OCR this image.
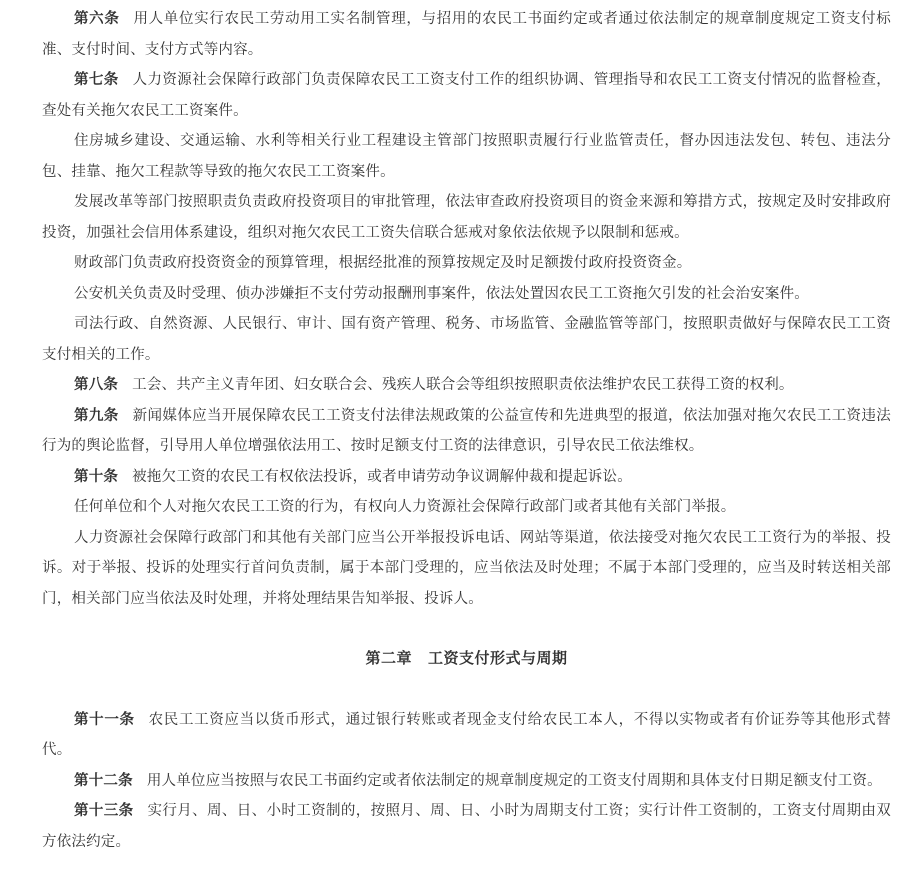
第六条 用人单位实行农民工劳动用工实名制管理，与招用的农民工书面约定或者通过依法制定的规章制度规定工资支付标准、支付时间、支付方式等内容。

第七条 人力资源社会保障行政部门负责保障农民工工资支付工作的组织协调、管理指导和农民工工资支付情况的监督检查，查处有关拖欠农民工工资案件。

住房城乡建设、交通运输、水利等相关行业工程建设主管部门按照职责履行行业监管责任，督办因违法发包、转包、违法分包、挂靠、拖欠工程款等导致的拖欠农民工工资案件。

发展改革等部门按照职责负责政府投资项目的审批管理，依法审查政府投资项目的资金来源和筹措方式，按规定及时安排政府投资，加强社会信用体系建设，组织对拖欠农民工工资失信联合惩戒对象依法依规予以限制和惩戒。

财政部门负责政府投资资金的预算管理，根据经批准的预算按规定及时足额拨付政府投资资金。

公安机关负责及时受理、侦办涉嫌拒不支付劳动报酬刑事案件，依法处置因农民工工资拖欠引发的社会治安案件。

司法行政、自然资源、人民银行、审计、国有资产管理、税务、市场监管、金融监管等部门，按照职责做好与保障农民工工资支付相关的工作。

第八条 工会、共产主义青年团、妇女联合会、残疾人联合会等组织按照职责依法维护农民工获得工资的权利。

第九条 新闻媒体应当开展保障农民工工资支付法律法规政策的公益宣传和先进典型的报道，依法加强对拖欠农民工工资违法行为的舆论监督，引导用人单位增强依法用工、按时足额支付工资的法律意识，引导农民工依法维权。

第十条 被拖欠工资的农民工有权依法投诉，或者申请劳动争议调解仲裁和提起诉讼。

任何单位和个人对拖欠农民工工资的行为，有权向人力资源社会保障行政部门或者其他有关部门举报。

人力资源社会保障行政部门和其他有关部门应当公开举报投诉电话、网站等渠道，依法接受对拖欠农民工工资行为的举报、投诉。对于举报、投诉的处理实行首问负责制，属于本部门受理的，应当依法及时处理；不属于本部门受理的，应当及时转送相关部门，相关部门应当依法及时处理，并将处理结果告知举报、投诉人。

第二章 工资支付形式与周期

第十一条 农民工工资应当以货币形式，通过银行转账或者现金支付给农民工本人，不得以实物或者有价证券等其他形式替代。

第十二条 用人单位应当按照与农民工书面约定或者依法制定的规章制度规定的工资支付周期和具体支付日期足额支付工资。

第十三条 实行月、周、日、小时工资制的，按照月、周、日、小时为周期支付工资；实行计件工资制的，工资支付周期由双方依法约定。
